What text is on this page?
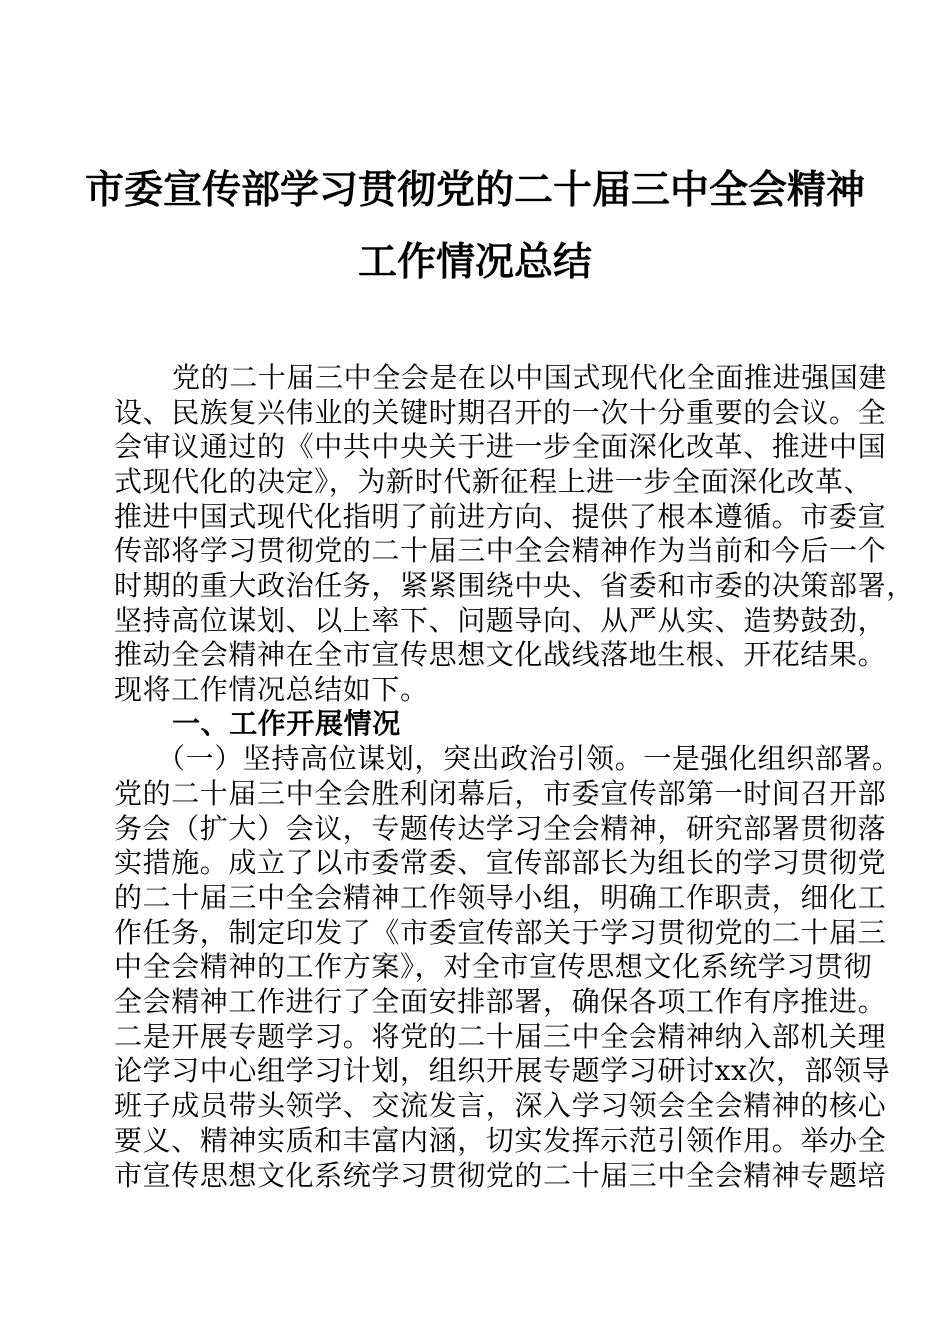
市委宣传部学习贯彻党的二十届三中全会精神
工作情况总结
党的二十届三中全会是在以中国式现代化全面推进强国建
设、民族复兴伟业的关键时期召开的一次十分重要的会议。全
会审议通过的《中共中央关于进一步全面深化改革、推进中国
式现代化的决定》，为新时代新征程上进一步全面深化改革、
推进中国式现代化指明了前进方向、提供了根本遵循。市委宣
传部将学习贯彻党的二十届三中全会精神作为当前和今后一个
时期的重大政治任务，紧紧围绕中央、省委和市委的决策部署，
坚持高位谋划、以上率下、问题导向、从严从实、造势鼓劲，
推动全会精神在全市宣传思想文化战线落地生根、开花结果。
现将工作情况总结如下。
一、工作开展情况
（一）坚持高位谋划，突出政治引领。一是强化组织部署。
党的二十届三中全会胜利闭幕后，市委宣传部第一时间召开部
务会（扩大）会议，专题传达学习全会精神，研究部署贯彻落
实措施。成立了以市委常委、宣传部部长为组长的学习贯彻党
的二十届三中全会精神工作领导小组，明确工作职责，细化工
作任务，制定印发了《市委宣传部关于学习贯彻党的二十届三
中全会精神的工作方案》，对全市宣传思想文化系统学习贯彻
全会精神工作进行了全面安排部署，确保各项工作有序推进。
二是开展专题学习。将党的二十届三中全会精神纳入部机关理
论学习中心组学习计划，组织开展专题学习研讨xx次，部领导
班子成员带头领学、交流发言，深入学习领会全会精神的核心
要义、精神实质和丰富内涵，切实发挥示范引领作用。举办全
市宣传思想文化系统学习贯彻党的二十届三中全会精神专题培
